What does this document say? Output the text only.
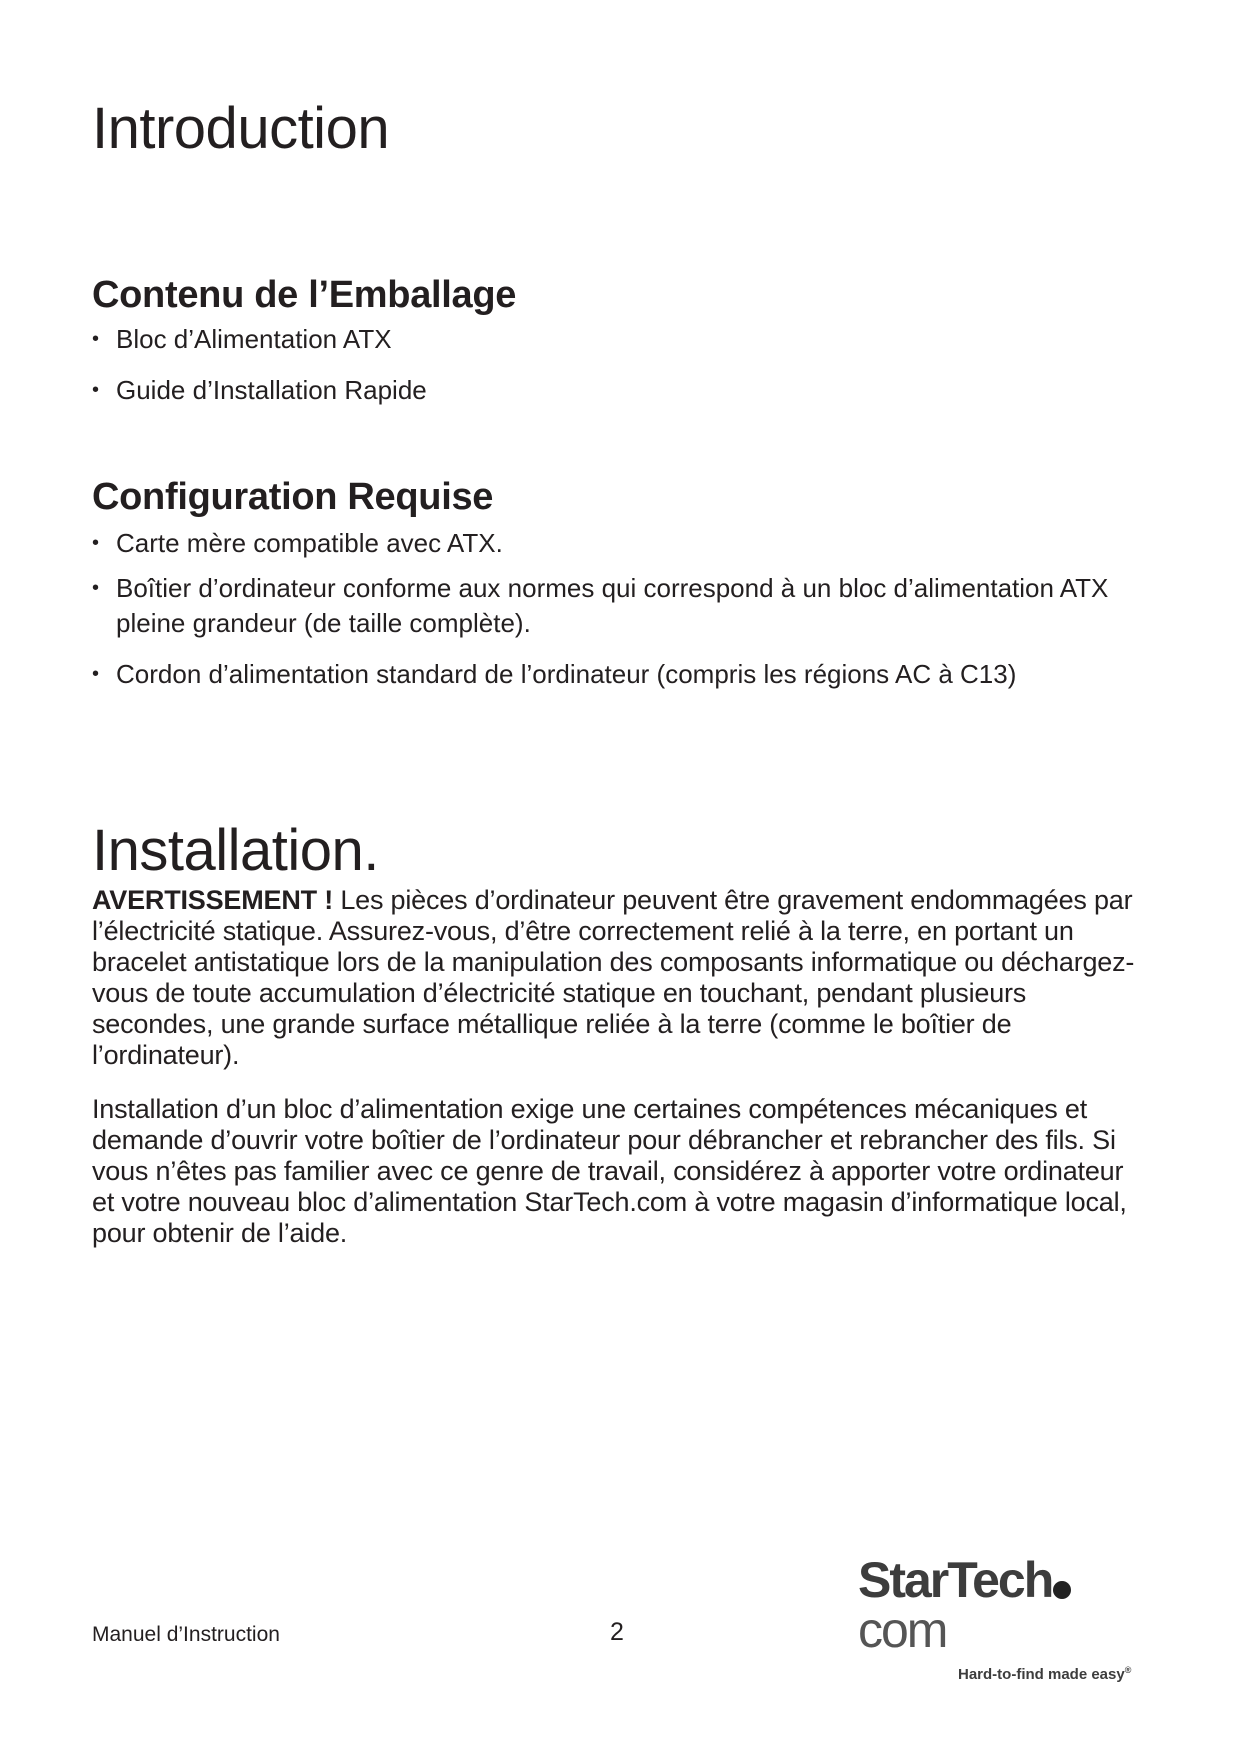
Introduction
Contenu de l’Emballage
• Bloc d’Alimentation ATX
• Guide d’Installation Rapide
Configuration Requise
• Carte mère compatible avec ATX.
• Boîtier d’ordinateur conforme aux normes qui correspond à un bloc d’alimentation ATX pleine grandeur (de taille complète).
• Cordon d’alimentation standard de l’ordinateur (compris les régions AC à C13)
Installation.

AVERTISSEMENT ! Les pièces d’ordinateur peuvent être gravement endommagées par l’électricité statique. Assurez-vous, d’être correctement relié à la terre, en portant un bracelet antistatique lors de la manipulation des composants informatique ou déchargez-vous de toute accumulation d’électricité statique en touchant, pendant plusieurs secondes, une grande surface métallique reliée à la terre (comme le boîtier de l’ordinateur).

Installation d’un bloc d’alimentation exige une certaines compétences mécaniques et demande d’ouvrir votre boîtier de l’ordinateur pour débrancher et rebrancher des fils. Si vous n’êtes pas familier avec ce genre de travail, considérez à apporter votre ordinateur et votre nouveau bloc d’alimentation StarTech.com à votre magasin d’informatique local, pour obtenir de l’aide.

Manuel d’Instruction	2
StarTechcom
Hard-to-find made easy®
